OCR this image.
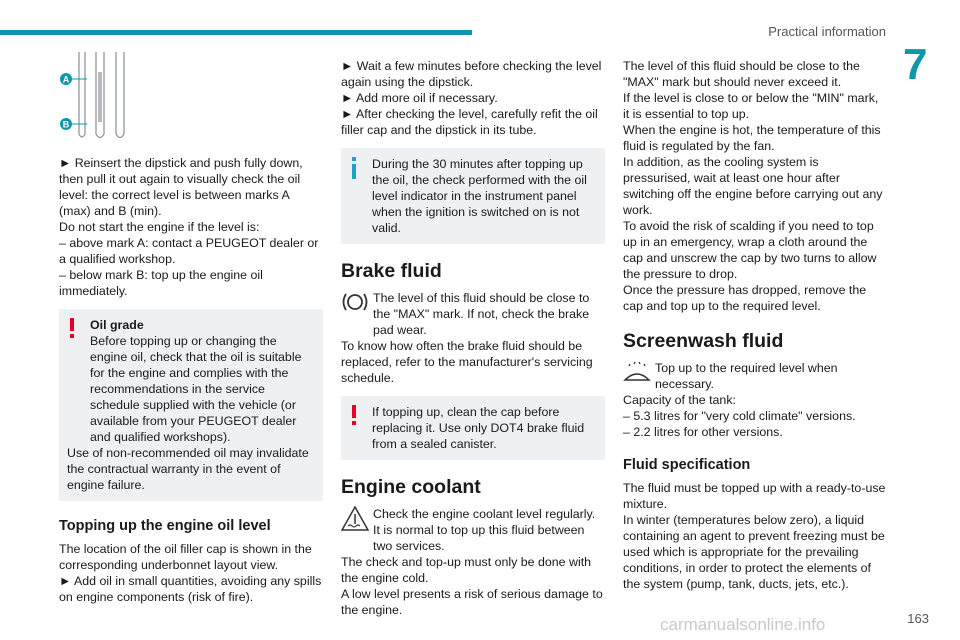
Practical information
7
A
B

► Reinsert the dipstick and push fully down, then pull it out again to visually check the oil level: the correct level is between marks A (max) and B (min).

Do not start the engine if the level is:

– above mark A: contact a PEUGEOT dealer or a qualified workshop.

– below mark B: top up the engine oil immediately.

Oil grade

Before topping up or changing the engine oil, check that the oil is suitable for the engine and complies with the recommendations in the service schedule supplied with the vehicle (or available from your PEUGEOT dealer and qualified workshops).

Use of non-recommended oil may invalidate the contractual warranty in the event of engine failure.

Topping up the engine oil level

The location of the oil filler cap is shown in the corresponding underbonnet layout view.

► Add oil in small quantities, avoiding any spills on engine components (risk of fire).

► Wait a few minutes before checking the level again using the dipstick.

► Add more oil if necessary.

► After checking the level, carefully refit the oil filler cap and the dipstick in its tube.

During the 30 minutes after topping up the oil, the check performed with the oil level indicator in the instrument panel when the ignition is switched on is not valid.

Brake fluid

The level of this fluid should be close to the "MAX" mark. If not, check the brake pad wear.

To know how often the brake fluid should be replaced, refer to the manufacturer's servicing schedule.

If topping up, clean the cap before replacing it. Use only DOT4 brake fluid from a sealed canister.

Engine coolant

Check the engine coolant level regularly. It is normal to top up this fluid between two services.

The check and top-up must only be done with the engine cold.

A low level presents a risk of serious damage to the engine.

The level of this fluid should be close to the "MAX" mark but should never exceed it.

If the level is close to or below the "MIN" mark, it is essential to top up.

When the engine is hot, the temperature of this fluid is regulated by the fan.

In addition, as the cooling system is pressurised, wait at least one hour after switching off the engine before carrying out any work.

To avoid the risk of scalding if you need to top up in an emergency, wrap a cloth around the cap and unscrew the cap by two turns to allow the pressure to drop.

Once the pressure has dropped, remove the cap and top up to the required level.

Screenwash fluid

Top up to the required level when necessary.

Capacity of the tank:

– 5.3 litres for "very cold climate" versions.

– 2.2 litres for other versions.

Fluid specification

The fluid must be topped up with a ready-to-use mixture.

In winter (temperatures below zero), a liquid containing an agent to prevent freezing must be used which is appropriate for the prevailing conditions, in order to protect the elements of the system (pump, tank, ducts, jets, etc.).

carmanualsonline.info	163
